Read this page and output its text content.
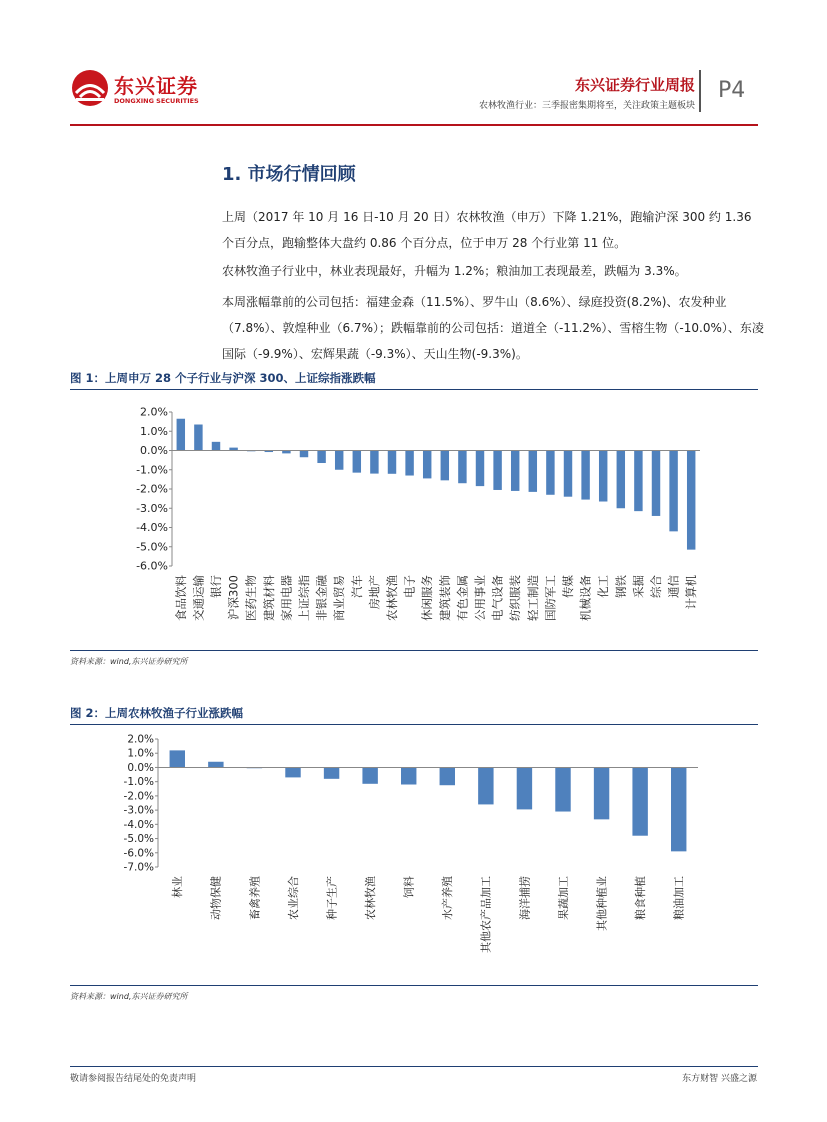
东兴证券
DONGXING SECURITIES
东兴证券行业周报
农林牧渔行业：三季报密集期将至，关注政策主题板块
P4
1. 市场行情回顾

上周（2017 年 10 月 16 日-10 月 20 日）农林牧渔（申万）下降 1.21%，跑输沪深 300 约 1.36 个百分点，跑输整体大盘约 0.86 个百分点，位于申万 28 个行业第 11 位。

农林牧渔子行业中，林业表现最好，升幅为 1.2%；粮油加工表现最差，跌幅为 3.3%。

本周涨幅靠前的公司包括：福建金森（11.5%）、罗牛山（8.6%）、绿庭投资(8.2%)、农发种业（7.8%）、敦煌种业（6.7%）；跌幅靠前的公司包括：道道全（-11.2%）、雪榕生物（-10.0%）、东凌国际（-9.9%）、宏辉果蔬（-9.3%）、天山生物(-9.3%)。

图 1：上周申万 28 个子行业与沪深 300、上证综指涨跌幅
2.0%
1.0%
0.0%
-1.0%
-2.0%
-3.0%
-4.0%
-5.0%
-6.0%
食品饮料 交通运输 银行 沪深300 医药生物 建筑材料 家用电器 上证综指 非银金融 商业贸易 汽车 房地产 农林牧渔 电子 休闲服务 建筑装饰 有色金属 公用事业 电气设备 纺织服装 轻工制造 国防军工 传媒 机械设备 化工 钢铁 采掘 综合 通信 计算机
资料来源：wind,东兴证券研究所
图 2：上周农林牧渔子行业涨跌幅
2.0%
1.0%
0.0%
-1.0%
-2.0%
-3.0%
-4.0%
-5.0%
-6.0%
-7.0%
林业 动物保健 畜禽养殖 农业综合 种子生产 农林牧渔 饲料 水产养殖 其他农产品加工 海洋捕捞 果蔬加工 其他种植业 粮食种植 粮油加工
资料来源：wind,东兴证券研究所
敬请参阅报告结尾处的免责声明	东方财智 兴盛之源
